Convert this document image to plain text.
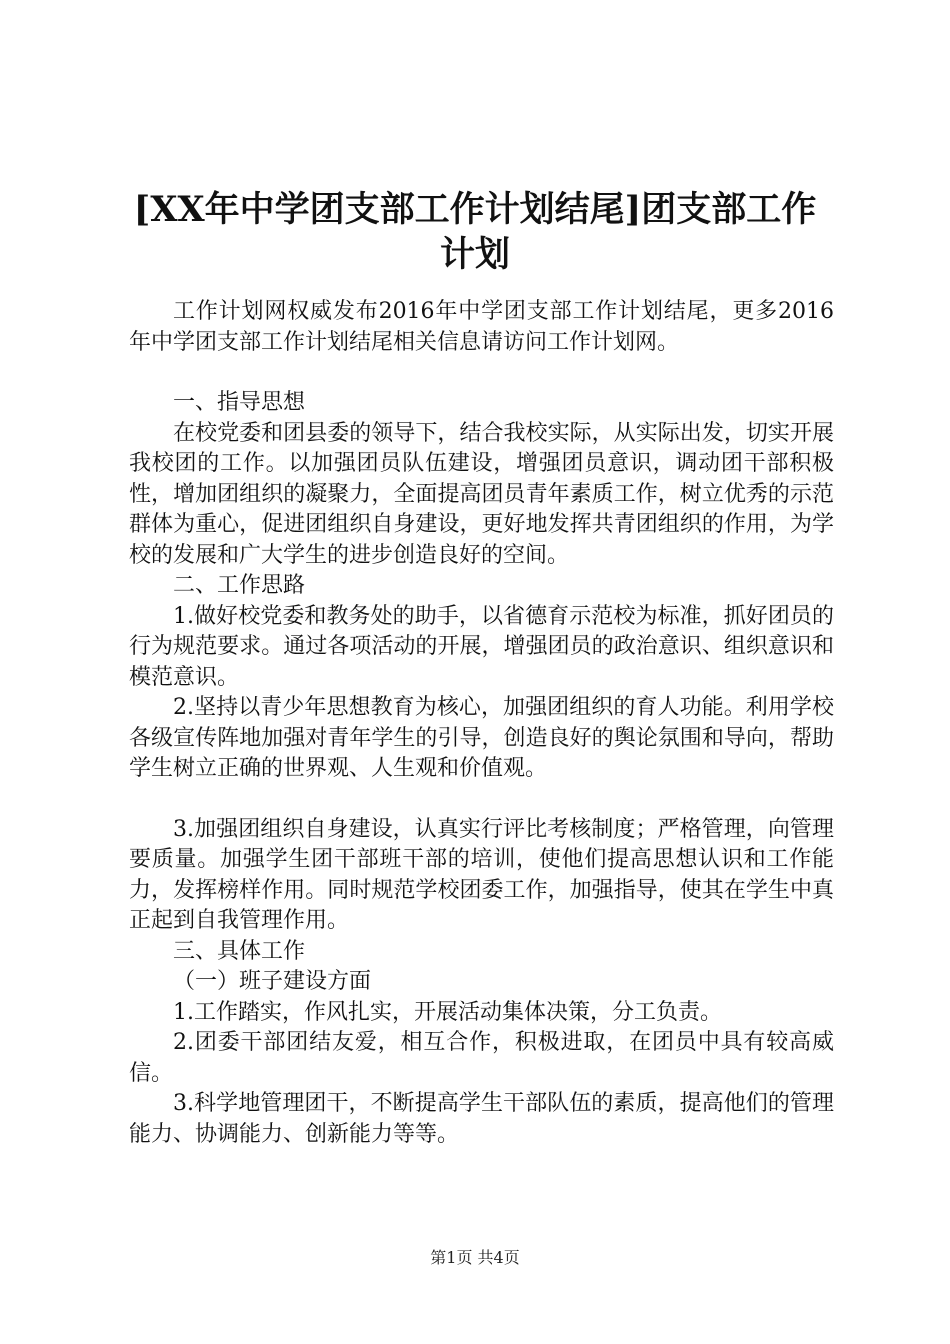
[XX年中学团支部工作计划结尾]团支部工作
计划

工作计划网权威发布2016年中学团支部工作计划结尾，更多2016年中学团支部工作计划结尾相关信息请访问工作计划网。

一、指导思想

在校党委和团县委的领导下，结合我校实际，从实际出发，切实开展我校团的工作。以加强团员队伍建设，增强团员意识，调动团干部积极性，增加团组织的凝聚力，全面提高团员青年素质工作，树立优秀的示范群体为重心，促进团组织自身建设，更好地发挥共青团组织的作用，为学校的发展和广大学生的进步创造良好的空间。

二、工作思路

1.做好校党委和教务处的助手，以省德育示范校为标准，抓好团员的行为规范要求。通过各项活动的开展，增强团员的政治意识、组织意识和模范意识。

2.坚持以青少年思想教育为核心，加强团组织的育人功能。利用学校各级宣传阵地加强对青年学生的引导，创造良好的舆论氛围和导向，帮助学生树立正确的世界观、人生观和价值观。

3.加强团组织自身建设，认真实行评比考核制度；严格管理，向管理要质量。加强学生团干部班干部的培训，使他们提高思想认识和工作能力，发挥榜样作用。同时规范学校团委工作，加强指导，使其在学生中真正起到自我管理作用。

三、具体工作

（一）班子建设方面

1.工作踏实，作风扎实，开展活动集体决策，分工负责。

2.团委干部团结友爱，相互合作，积极进取，在团员中具有较高威信。

3.科学地管理团干，不断提高学生干部队伍的素质，提高他们的管理能力、协调能力、创新能力等等。

第1页 共4页
